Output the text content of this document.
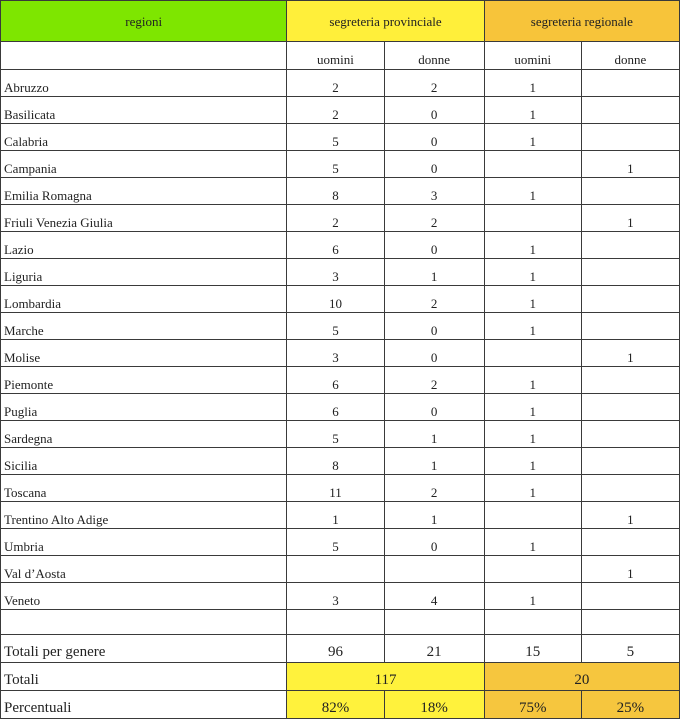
regioni	segreteria provinciale		segreteria regionale	
	uomini	donne	uomini	donne
Abruzzo	2	2	1	
Basilicata	2	0	1	
Calabria	5	0	1	
Campania	5	0		1
Emilia Romagna	8	3	1	
Friuli Venezia Giulia	2	2		1
Lazio	6	0	1	
Liguria	3	1	1	
Lombardia	10	2	1	
Marche	5	0	1	
Molise	3	0		1
Piemonte	6	2	1	
Puglia	6	0	1	
Sardegna	5	1	1	
Sicilia	8	1	1	
Toscana	11	2	1	
Trentino Alto Adige	1	1		1
Umbria	5	0	1	
Val d’Aosta				1
Veneto	3	4	1	

Totali per genere	96	21	15	5
Totali	117		20	
Percentuali	82%	18%	75%	25%
